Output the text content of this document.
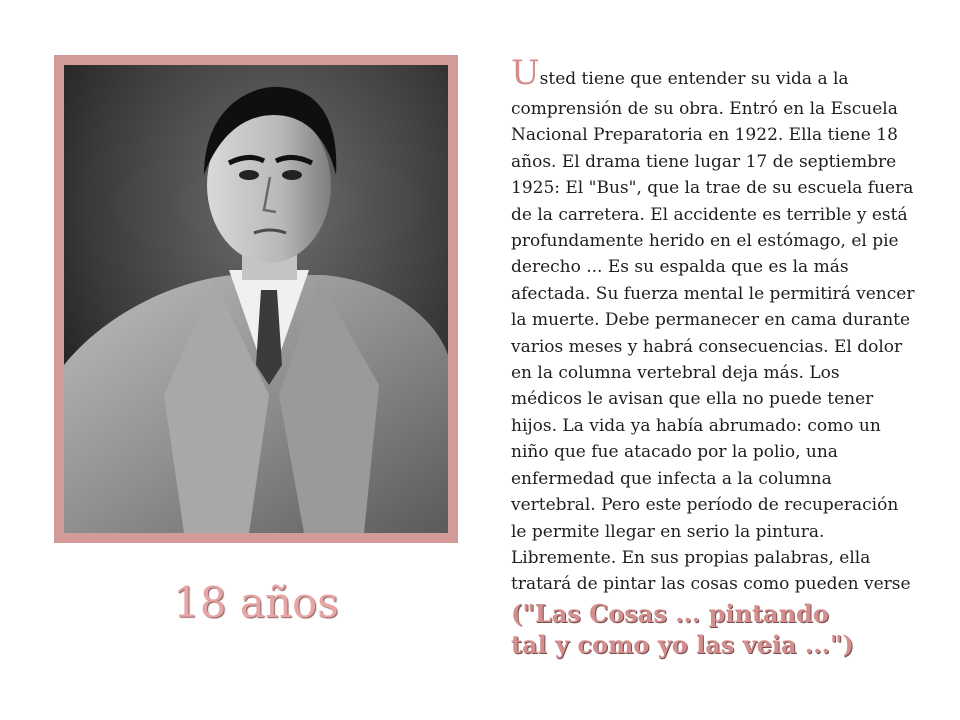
18 años
Usted tiene que entender su vida a la
comprensión de su obra. Entró en la Escuela
Nacional Preparatoria en 1922. Ella tiene 18
años. El drama tiene lugar 17 de septiembre
1925: El "Bus", que la trae de su escuela fuera
de la carretera. El accidente es terrible y está
profundamente herido en el estómago, el pie
derecho ... Es su espalda que es la más
afectada. Su fuerza mental le permitirá vencer
la muerte. Debe permanecer en cama durante
varios meses y habrá consecuencias. El dolor
en la columna vertebral deja más. Los
médicos le avisan que ella no puede tener
hijos. La vida ya había abrumado: como un
niño que fue atacado por la polio, una
enfermedad que infecta a la columna
vertebral. Pero este período de recuperación
le permite llegar en serio la pintura.
Libremente. En sus propias palabras, ella
tratará de pintar las cosas como pueden verse
("Las Cosas ... pintando
tal y como yo las veia ...")
